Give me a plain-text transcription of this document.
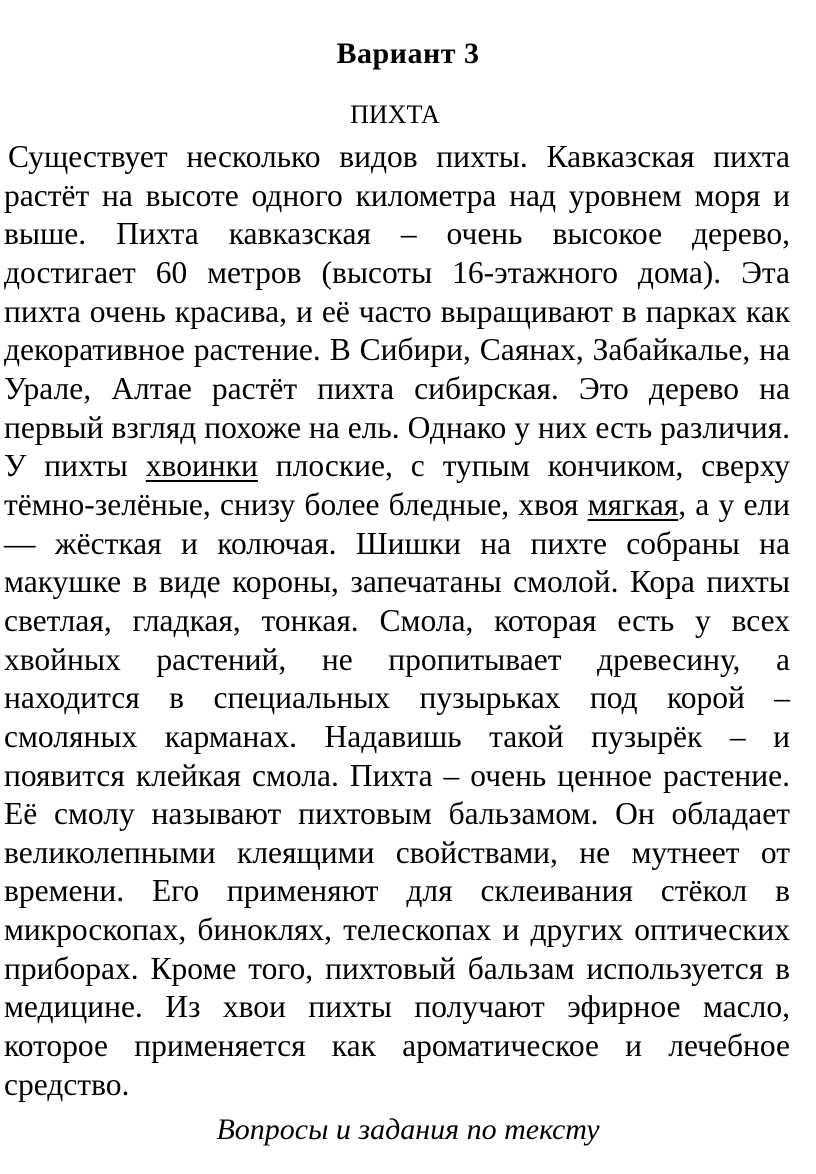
Вариант 3
ПИХТА

Существует несколько видов пихты. Кавказская пихта растёт на высоте одного километра над уровнем моря и выше. Пихта кавказская – очень высокое дерево, достигает 60 метров (высоты 16-этажного дома). Эта пихта очень красива, и её часто выращивают в парках как декоративное растение. В Сибири, Саянах, Забайкалье, на Урале, Алтае растёт пихта сибирская. Это дерево на первый взгляд похоже на ель. Однако у них есть различия. У пихты хвоинки плоские, с тупым кончиком, сверху тёмно-зелёные, снизу более бледные, хвоя мягкая, а у ели — жёсткая и колючая. Шишки на пихте собраны на макушке в виде короны, запечатаны смолой. Кора пихты светлая, гладкая, тонкая. Смола, которая есть у всех хвойных растений, не пропитывает древесину, а находится в специальных пузырьках под корой – смоляных карманах. Надавишь такой пузырёк – и появится клейкая смола. Пихта – очень ценное растение. Её смолу называют пихтовым бальзамом. Он обладает великолепными клеящими свойствами, не мутнеет от времени. Его применяют для склеивания стёкол в микроскопах, биноклях, телескопах и других оптических приборах. Кроме того, пихтовый бальзам используется в медицине. Из хвои пихты получают эфирное масло, которое применяется как ароматическое и лечебное средство.

Вопросы и задания по тексту
